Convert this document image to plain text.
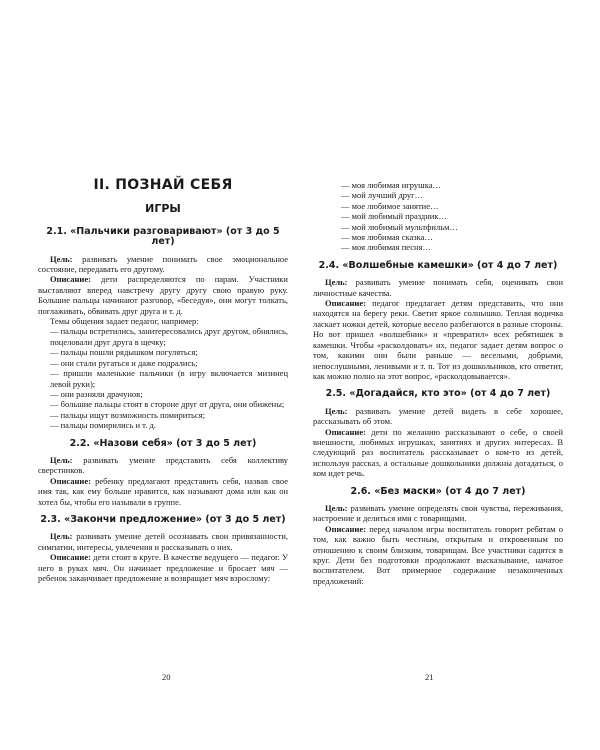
II. ПОЗНАЙ СЕБЯ
ИГРЫ
2.1. «Пальчики разговаривают» (от 3 до 5 лет)

Цель: развивать умение понимать свое эмоциональное состояние, передавать его другому.

Описание: дети распределяются по парам. Участники выставляют вперед навстречу другу другу свою правую руку. Большие пальцы начинают разговор, «беседуя», они могут толкать, поглаживать, обвивать друг друга и т. д.

Темы общения задает педагог, например:

— пальцы встретились, занитересовались друг другом, обнялись, поцеловали друг друга в щечку;

— пальцы пошли рядышком погуляться;

— они стали ругаться и даже подрались;

— пришли маленькие пальчики (в игру включается мизинец левой руки);

— они разняли драчунов;

— большие пальцы стоят в стороне друг от друга, они обижены;

— пальцы ищут возможность помириться;

— пальцы помирились и т. д.

2.2. «Назови себя» (от 3 до 5 лет)

Цель: развивать умение представить себя коллективу сверстников.

Описание: ребенку предлагают представить себя, назвав свое имя так, как ему больше нравится, как называют дома или как он хотел бы, чтобы его называли в группе.

2.3. «Закончи предложение» (от 3 до 5 лет)

Цель: развивать умение детей осознавать свои привязанности, симпатии, интересы, увлечения и рассказывать о них.

Описание: дети стоят в круге. В качестве ведущего — педагог. У него в руках мяч. Он начинает предложение и бросает мяч — ребенок заканчивает предложение и возвращает мяч взрослому:

20
— моя любимая игрушка…
— мой лучший друг…
— мое любимое занятие…
— мой любимый праздник…
— мой любимый мультфильм…
— моя любимая сказка…
— моя любимая песня…
2.4. «Волшебные камешки» (от 4 до 7 лет)

Цель: развивать умение понимать себя, оценивать свои личностные качества.

Описание: педагог предлагает детям представить, что они находятся на берегу реки. Светит яркое солнышко. Теплая водичка ласкает ножки детей, которые весело разбегаются в разные стороны. Но вот пришел «волшебник» и «превратил» всех ребятишек в камешки. Чтобы «расколдовать» их, педагог задает детям вопрос о том, какими они были раньше — веселыми, добрыми, непослушными, ленивыми и т. п. Тот из дошкольников, кто ответит, как можно полно на этот вопрос, «расколдовывается».

2.5. «Догадайся, кто это» (от 4 до 7 лет)

Цель: развивать умение детей видеть в себе хорошее, рассказывать об этом.

Описание: дети по желанию рассказывают о себе, о своей внешности, любимых игрушках, занятиях и других интересах. В следующий раз воспитатель рассказывает о ком-то из детей, используя рассказ, а остальные дошкольники должны догадаться, о ком идет речь.

2.6. «Без маски» (от 4 до 7 лет)

Цель: развивать умение определять свои чувства, переживания, настроение и делиться ими с товарищами.

Описание: перед началом игры воспитатель говорит ребятам о том, как важно быть честным, открытым и откровенным по отношению к своим близким, товарищам. Все участники садятся в круг. Дети без подготовки продолжают высказывание, начатое воспитателем. Вот примерное содержание незаконченных предложений:

21
